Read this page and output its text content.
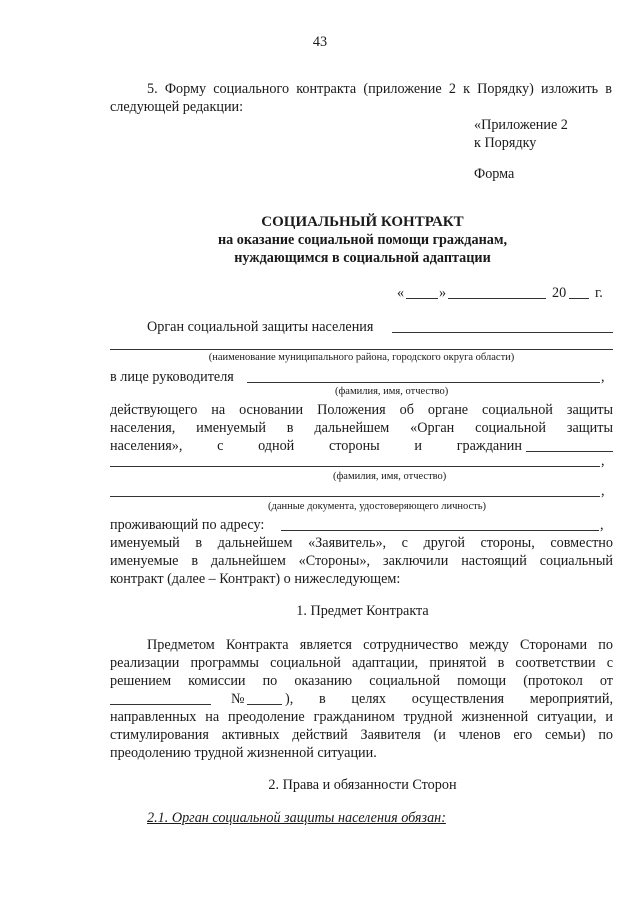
43
5. Форму социального контракта (приложение 2 к Порядку) изложить в
следующей редакции:
«Приложение 2
к Порядку
Форма
СОЦИАЛЬНЫЙ КОНТРАКТ
на оказание социальной помощи гражданам,
нуждающимся в социальной адаптации
« »	20 г.
Орган социальной защиты населения
(наименование муниципального района, городского округа области)
в лице руководителя	,
(фамилия, имя, отчество)
действующего на основании Положения об органе социальной защиты
населения, именуемый в дальнейшем «Орган социальной защиты
населения», с одной стороны и гражданин
,
(фамилия, имя, отчество)
,
(данные документа, удостоверяющего личность)
проживающий по адресу:	,
именуемый в дальнейшем «Заявитель», с другой стороны, совместно
именуемые в дальнейшем «Стороны», заключили настоящий социальный
контракт (далее – Контракт) о нижеследующем:
1. Предмет Контракта
Предметом Контракта является сотрудничество между Сторонами по
реализации программы социальной адаптации, принятой в соответствии с
решением комиссии по оказанию социальной помощи (протокол от
№	), в целях осуществления мероприятий,
направленных на преодоление гражданином трудной жизненной ситуации, и
стимулирования активных действий Заявителя (и членов его семьи) по
преодолению трудной жизненной ситуации.
2. Права и обязанности Сторон
2.1. Орган социальной защиты населения обязан:
